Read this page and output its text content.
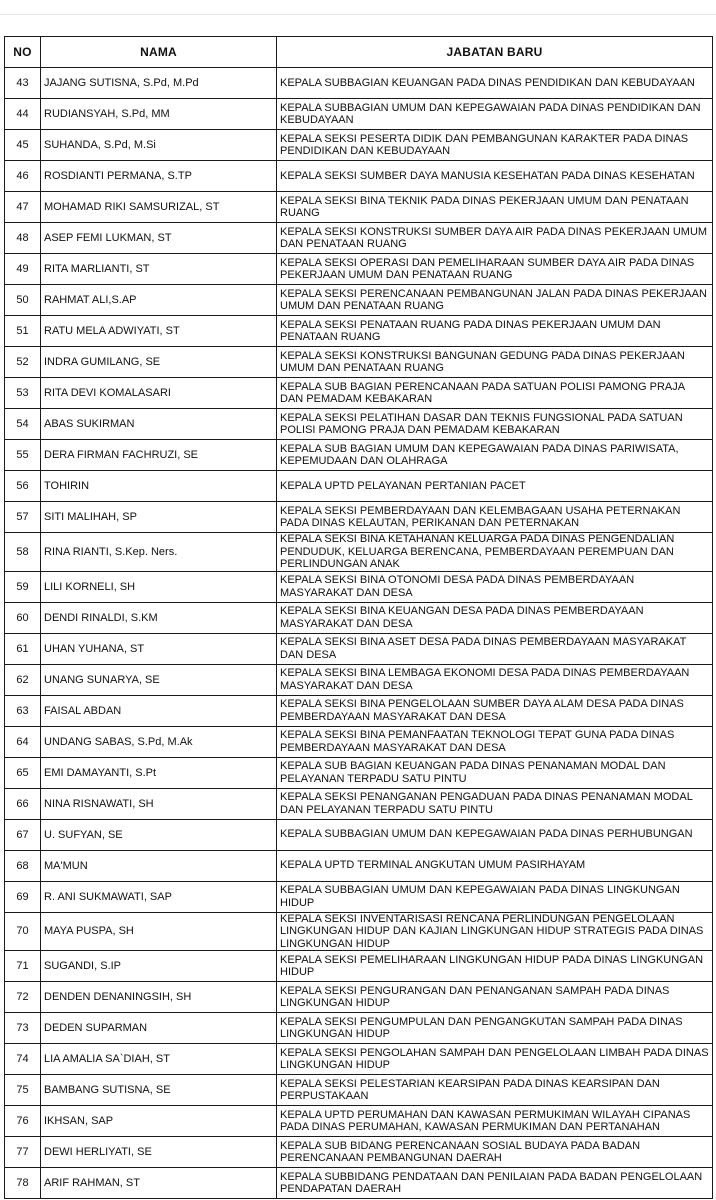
NO	NAMA	JABATAN BARU
43	JAJANG SUTISNA, S.Pd, M.Pd	KEPALA SUBBAGIAN KEUANGAN PADA DINAS PENDIDIKAN DAN KEBUDAYAAN
44	RUDIANSYAH, S.Pd, MM	KEPALA SUBBAGIAN UMUM DAN KEPEGAWAIAN PADA DINAS PENDIDIKAN DAN KEBUDAYAAN
45	SUHANDA, S.Pd, M.Si	KEPALA SEKSI PESERTA DIDIK DAN PEMBANGUNAN KARAKTER PADA DINAS PENDIDIKAN DAN KEBUDAYAAN
46	ROSDIANTI PERMANA, S.TP	KEPALA SEKSI SUMBER DAYA MANUSIA KESEHATAN PADA DINAS KESEHATAN
47	MOHAMAD RIKI SAMSURIZAL, ST	KEPALA SEKSI BINA TEKNIK PADA DINAS PEKERJAAN UMUM DAN PENATAAN RUANG
48	ASEP FEMI LUKMAN, ST	KEPALA SEKSI KONSTRUKSI SUMBER DAYA AIR PADA DINAS PEKERJAAN UMUM DAN PENATAAN RUANG
49	RITA MARLIANTI, ST	KEPALA SEKSI OPERASI DAN PEMELIHARAAN SUMBER DAYA AIR PADA DINAS PEKERJAAN UMUM DAN PENATAAN RUANG
50	RAHMAT ALI,S.AP	KEPALA SEKSI PERENCANAAN PEMBANGUNAN JALAN PADA DINAS PEKERJAAN UMUM DAN PENATAAN RUANG
51	RATU MELA ADWIYATI, ST	KEPALA SEKSI PENATAAN RUANG PADA DINAS PEKERJAAN UMUM DAN PENATAAN RUANG
52	INDRA GUMILANG, SE	KEPALA SEKSI KONSTRUKSI BANGUNAN GEDUNG PADA DINAS PEKERJAAN UMUM DAN PENATAAN RUANG
53	RITA DEVI KOMALASARI	KEPALA SUB BAGIAN PERENCANAAN PADA SATUAN POLISI PAMONG PRAJA DAN PEMADAM KEBAKARAN
54	ABAS SUKIRMAN	KEPALA SEKSI PELATIHAN DASAR DAN TEKNIS FUNGSIONAL PADA SATUAN POLISI PAMONG PRAJA DAN PEMADAM KEBAKARAN
55	DERA FIRMAN FACHRUZI, SE	KEPALA SUB BAGIAN UMUM DAN KEPEGAWAIAN PADA DINAS PARIWISATA, KEPEMUDAAN DAN OLAHRAGA
56	TOHIRIN	KEPALA UPTD PELAYANAN PERTANIAN PACET
57	SITI MALIHAH, SP	KEPALA SEKSI PEMBERDAYAAN DAN KELEMBAGAAN USAHA PETERNAKAN PADA DINAS KELAUTAN, PERIKANAN DAN PETERNAKAN
58	RINA RIANTI, S.Kep. Ners.	KEPALA SEKSI BINA KETAHANAN KELUARGA PADA DINAS PENGENDALIAN PENDUDUK, KELUARGA BERENCANA, PEMBERDAYAAN PEREMPUAN DAN PERLINDUNGAN ANAK
59	LILI KORNELI, SH	KEPALA SEKSI BINA OTONOMI DESA PADA DINAS PEMBERDAYAAN MASYARAKAT DAN DESA
60	DENDI RINALDI, S.KM	KEPALA SEKSI BINA KEUANGAN DESA PADA DINAS PEMBERDAYAAN MASYARAKAT DAN DESA
61	UHAN YUHANA, ST	KEPALA SEKSI BINA ASET DESA PADA DINAS PEMBERDAYAAN MASYARAKAT DAN DESA
62	UNANG SUNARYA, SE	KEPALA SEKSI BINA LEMBAGA EKONOMI DESA PADA DINAS PEMBERDAYAAN MASYARAKAT DAN DESA
63	FAISAL ABDAN	KEPALA SEKSI BINA PENGELOLAAN SUMBER DAYA ALAM DESA PADA DINAS PEMBERDAYAAN MASYARAKAT DAN DESA
64	UNDANG SABAS, S.Pd, M.Ak	KEPALA SEKSI BINA PEMANFAATAN TEKNOLOGI TEPAT GUNA PADA DINAS PEMBERDAYAAN MASYARAKAT DAN DESA
65	EMI DAMAYANTI, S.Pt	KEPALA SUB BAGIAN KEUANGAN PADA DINAS PENANAMAN MODAL DAN PELAYANAN TERPADU SATU PINTU
66	NINA RISNAWATI, SH	KEPALA SEKSI PENANGANAN PENGADUAN PADA DINAS PENANAMAN MODAL DAN PELAYANAN TERPADU SATU PINTU
67	U. SUFYAN, SE	KEPALA SUBBAGIAN UMUM DAN KEPEGAWAIAN PADA DINAS PERHUBUNGAN
68	MA'MUN	KEPALA UPTD TERMINAL ANGKUTAN UMUM PASIRHAYAM
69	R. ANI SUKMAWATI, SAP	KEPALA SUBBAGIAN UMUM DAN KEPEGAWAIAN PADA DINAS LINGKUNGAN HIDUP
70	MAYA PUSPA, SH	KEPALA SEKSI INVENTARISASI RENCANA PERLINDUNGAN PENGELOLAAN LINGKUNGAN HIDUP DAN KAJIAN LINGKUNGAN HIDUP STRATEGIS PADA DINAS LINGKUNGAN HIDUP
71	SUGANDI, S.IP	KEPALA SEKSI PEMELIHARAAN LINGKUNGAN HIDUP PADA DINAS LINGKUNGAN HIDUP
72	DENDEN DENANINGSIH, SH	KEPALA SEKSI PENGURANGAN DAN PENANGANAN SAMPAH PADA DINAS LINGKUNGAN HIDUP
73	DEDEN SUPARMAN	KEPALA SEKSI PENGUMPULAN DAN PENGANGKUTAN SAMPAH PADA DINAS LINGKUNGAN HIDUP
74	LIA AMALIA SA`DIAH, ST	KEPALA SEKSI PENGOLAHAN SAMPAH DAN PENGELOLAAN LIMBAH PADA DINAS LINGKUNGAN HIDUP
75	BAMBANG SUTISNA, SE	KEPALA SEKSI PELESTARIAN KEARSIPAN PADA DINAS KEARSIPAN DAN PERPUSTAKAAN
76	IKHSAN, SAP	KEPALA UPTD PERUMAHAN DAN KAWASAN PERMUKIMAN WILAYAH CIPANAS PADA DINAS PERUMAHAN, KAWASAN PERMUKIMAN DAN PERTANAHAN
77	DEWI HERLIYATI, SE	KEPALA SUB BIDANG PERENCANAAN SOSIAL BUDAYA PADA BADAN PERENCANAAN PEMBANGUNAN DAERAH
78	ARIF RAHMAN, ST	KEPALA SUBBIDANG PENDATAAN DAN PENILAIAN PADA BADAN PENGELOLAAN PENDAPATAN DAERAH
